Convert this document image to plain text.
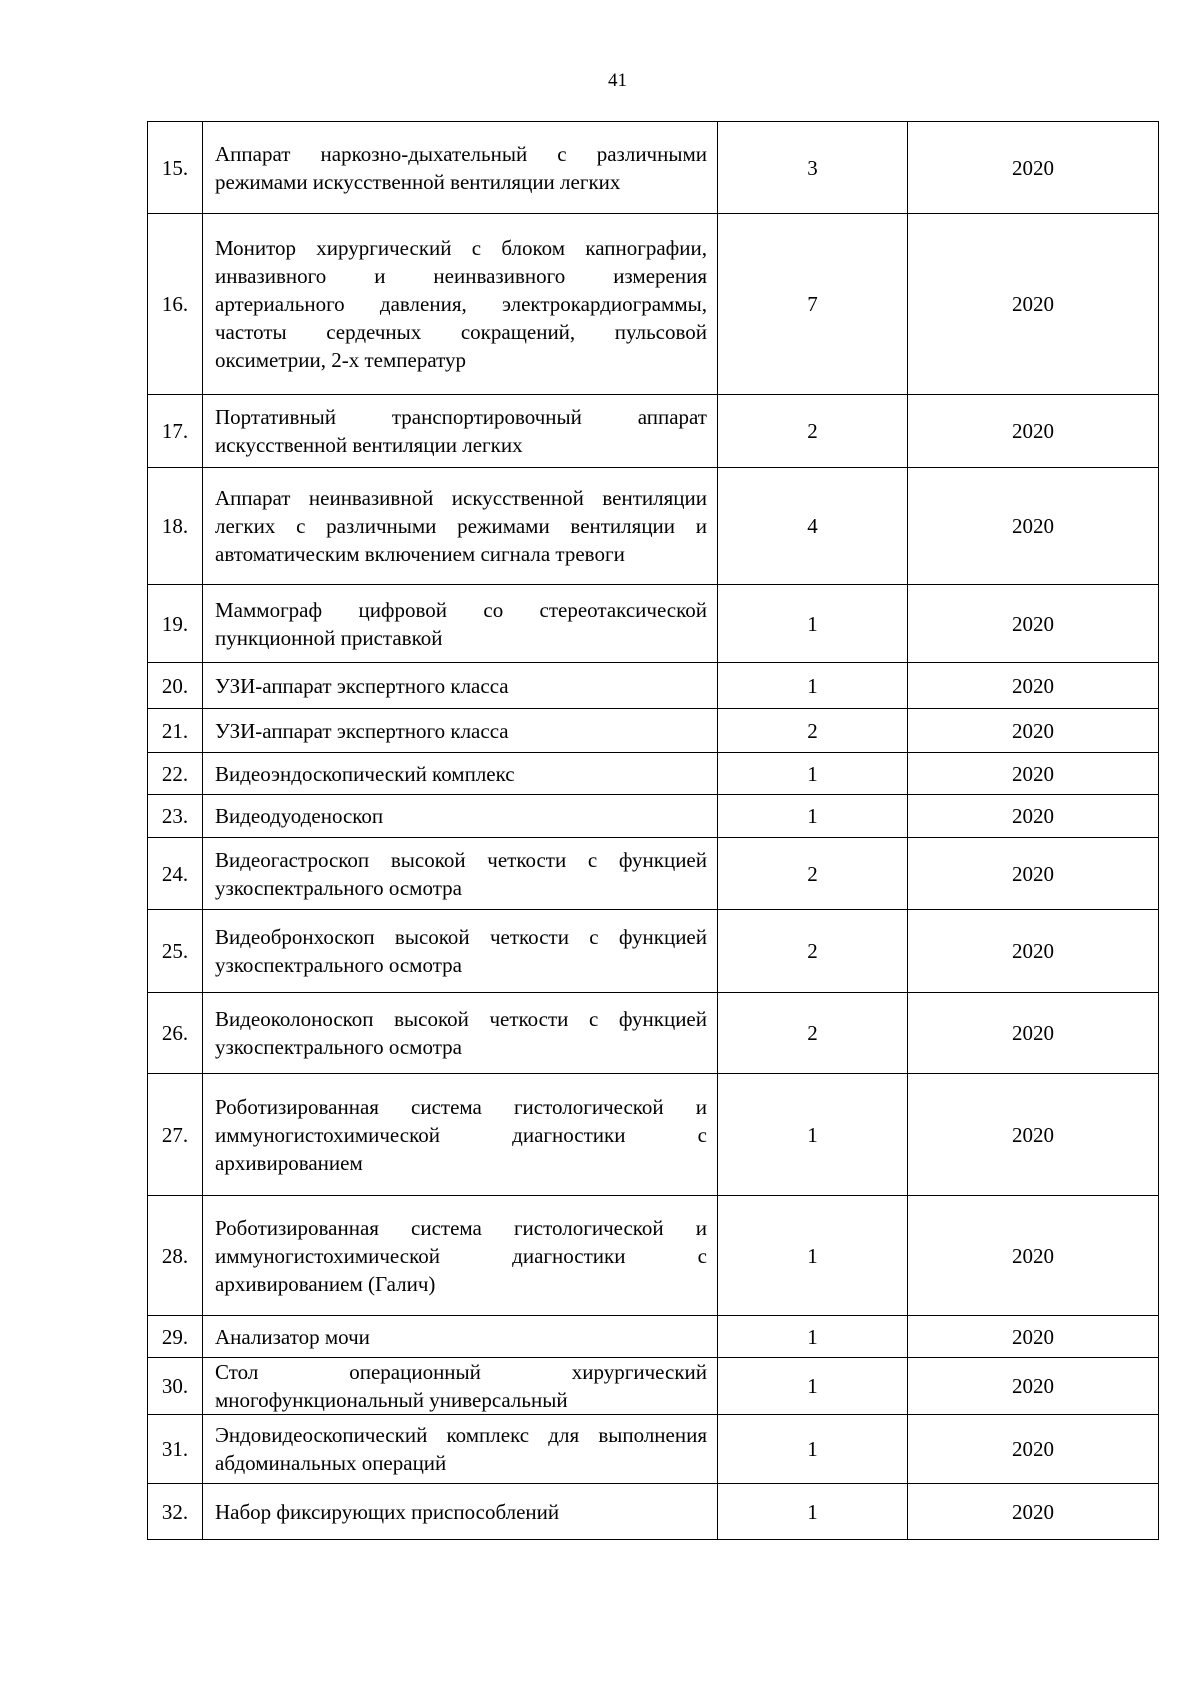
41
15.	Аппарат наркозно-дыхательный с различными режимами искусственной вентиляции легких	3	2020
16.	Монитор хирургический с блоком капнографии, инвазивного и неинвазивного измерения артериального давления, электрокардиограммы, частоты сердечных сокращений, пульсовой оксиметрии, 2-х температур	7	2020
17.	Портативный транспортировочный аппарат искусственной вентиляции легких	2	2020
18.	Аппарат неинвазивной искусственной вентиляции легких с различными режимами вентиляции и автоматическим включением сигнала тревоги	4	2020
19.	Маммограф цифровой со стереотаксической пункционной приставкой	1	2020
20.	УЗИ-аппарат экспертного класса	1	2020
21.	УЗИ-аппарат экспертного класса	2	2020
22.	Видеоэндоскопический комплекс	1	2020
23.	Видеодуоденоскоп	1	2020
24.	Видеогастроскоп высокой четкости с функцией узкоспектрального осмотра	2	2020
25.	Видеобронхоскоп высокой четкости с функцией узкоспектрального осмотра	2	2020
26.	Видеоколоноскоп высокой четкости с функцией узкоспектрального осмотра	2	2020
27.	Роботизированная система гистологической и иммуногистохимической диагностики с архивированием	1	2020
28.	Роботизированная система гистологической и иммуногистохимической диагностики с архивированием (Галич)	1	2020
29.	Анализатор мочи	1	2020
30.	Стол операционный хирургический многофункциональный универсальный	1	2020
31.	Эндовидеоскопический комплекс для выполнения абдоминальных операций	1	2020
32.	Набор фиксирующих приспособлений	1	2020
